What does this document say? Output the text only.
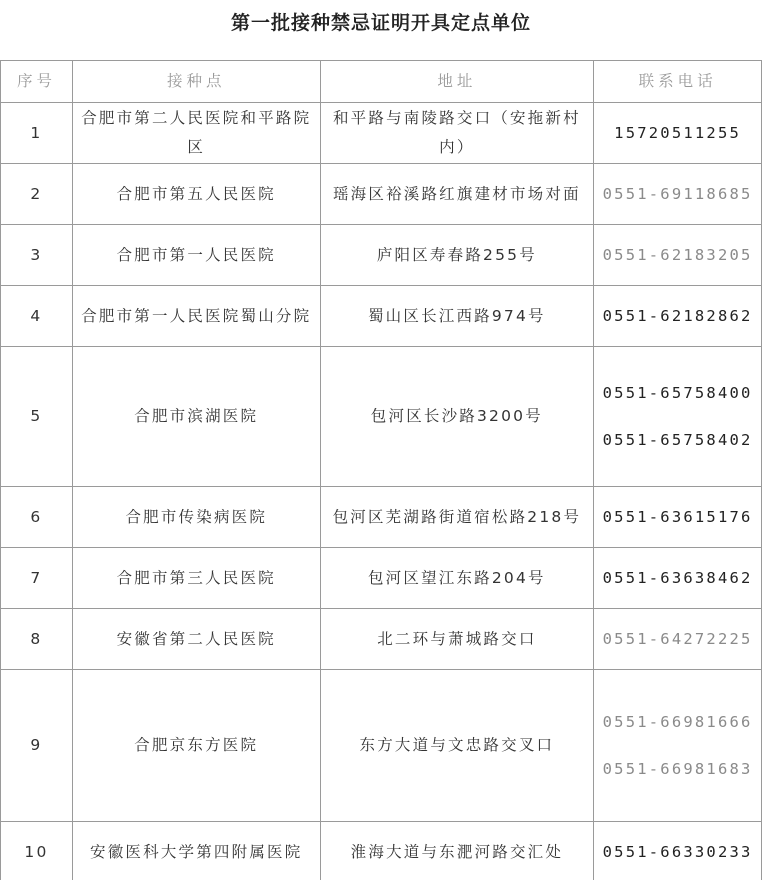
第一批接种禁忌证明开具定点单位
序号	接种点	地址	联系电话
1	合肥市第二人民医院和平路院区	和平路与南陵路交口（安拖新村内）	15720511255

2	合肥市第五人民医院	瑶海区裕溪路红旗建材市场对面	0551-69118685

3	合肥市第一人民医院	庐阳区寿春路255号	0551-62183205

4	合肥市第一人民医院蜀山分院	蜀山区长江西路974号	0551-62182862

5	合肥市滨湖医院	包河区长沙路3200号	0551-65758400
0551-65758402

6	合肥市传染病医院	包河区芜湖路街道宿松路218号	0551-63615176

7	合肥市第三人民医院	包河区望江东路204号	0551-63638462

8	安徽省第二人民医院	北二环与萧城路交口	0551-64272225

9	合肥京东方医院	东方大道与文忠路交叉口	0551-66981666
0551-66981683

10	安徽医科大学第四附属医院	淮海大道与东淝河路交汇处	0551-66330233
